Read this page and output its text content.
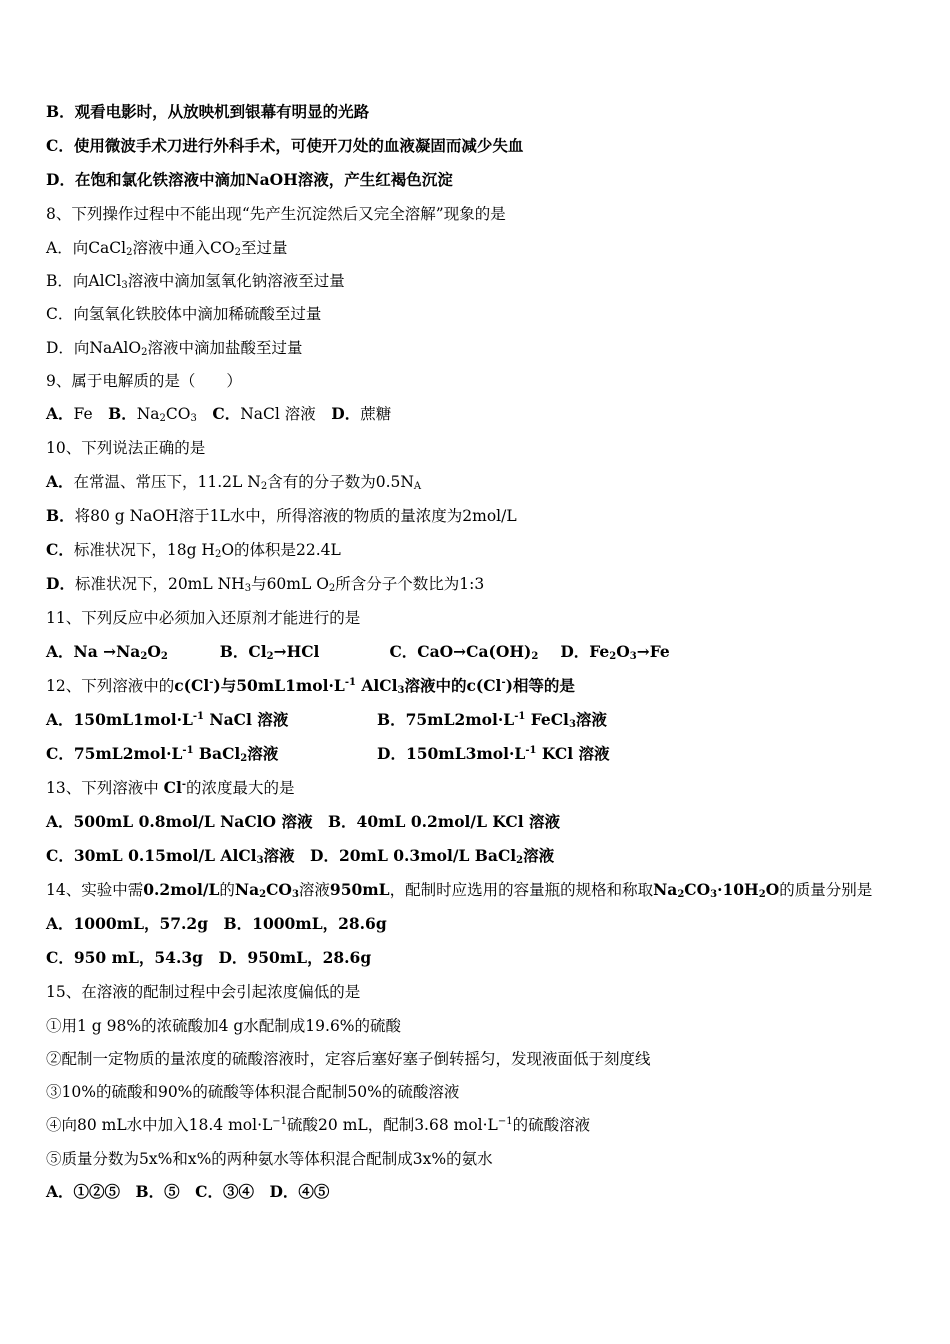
B．观看电影时，从放映机到银幕有明显的光路
C．使用微波手术刀进行外科手术，可使开刀处的血液凝固而减少失血
D．在饱和氯化铁溶液中滴加NaOH溶液，产生红褐色沉淀
8、下列操作过程中不能出现“先产生沉淀然后又完全溶解”现象的是
A．向CaCl$_2$溶液中通入$CO_2$至过量
B．向AlCl$_3$溶液中滴加氢氧化钠溶液至过量
C．向氢氧化铁胶体中滴加稀硫酸至过量
D．向NaAlO$_2$溶液中滴加盐酸至过量
9、属于电解质的是（　　）
A．Fe　B．$Na_2CO_3$　 C．NaCl 溶液　D．蔗糖
10、下列说法正确的是
A．在常温、常压下，11.2L $N_2$含有的分子数为$0.5N_A$
B．将80 g NaOH溶于1L水中，所得溶液的物质的量浓度为2mol/L
C．标准状况下，18g $H_2O$的体积是22.4L
D．标准状况下，20mL $NH_3$与60mL $O_2$所含分子个数比为1:3
11、下列反应中必须加入还原剂才能进行的是
A．$Na \to Na_2O_2$	B．$Cl_2\to HCl$	C．$CaO\to Ca(OH)_2$ D．$Fe_2O_3\to Fe$
12、下列溶液中的c(Cl-)与$50mL1mol\cdot L^{-1}$ AlCl$_3$溶液中的c(Cl-)相等的是
A．$150mL1mol\cdot L^{-1}$ NaCl 溶液	B．$75mL2mol\cdot L^{-1}$ FeCl$_3$溶液
C．$75mL2mol\cdot L^{-1}$ BaCl$_2$溶液	D．$150mL3mol\cdot L^{-1}$ KCl 溶液
13、下列溶液中 Cl-的浓度最大的是
A．500mL 0.8mol/L NaClO 溶液　B．40mL 0.2mol/L KCl 溶液
C．30mL 0.15mol/L AlCl$_3$溶液　D．20mL 0.3mol/L BaCl$_2$溶液
14、实验中需0.2mol/L的$Na_2CO_3$溶液950mL，配制时应选用的容量瓶的规格和称取$Na_2CO_3\cdot 10H_2O$的质量分别是
A．1000mL，57.2g　B．1000mL，28.6g
C．950 mL，54.3g　D．950mL，28.6g
15、在溶液的配制过程中会引起浓度偏低的是
①用1 g 98%的浓硫酸加4 g水配制成19.6%的硫酸
②配制一定物质的量浓度的硫酸溶液时，定容后塞好塞子倒转摇匀，发现液面低于刻度线
③10%的硫酸和90%的硫酸等体积混合配制50%的硫酸溶液
④向80 mL水中加入18.4 $mol\cdot L^{-1}$硫酸20 mL，配制3.68 $mol\cdot L^{-1}$的硫酸溶液
⑤质量分数为5x%和x%的两种氨水等体积混合配制成3x%的氨水
A．①②⑤　B．⑤　C．③④　D．④⑤
